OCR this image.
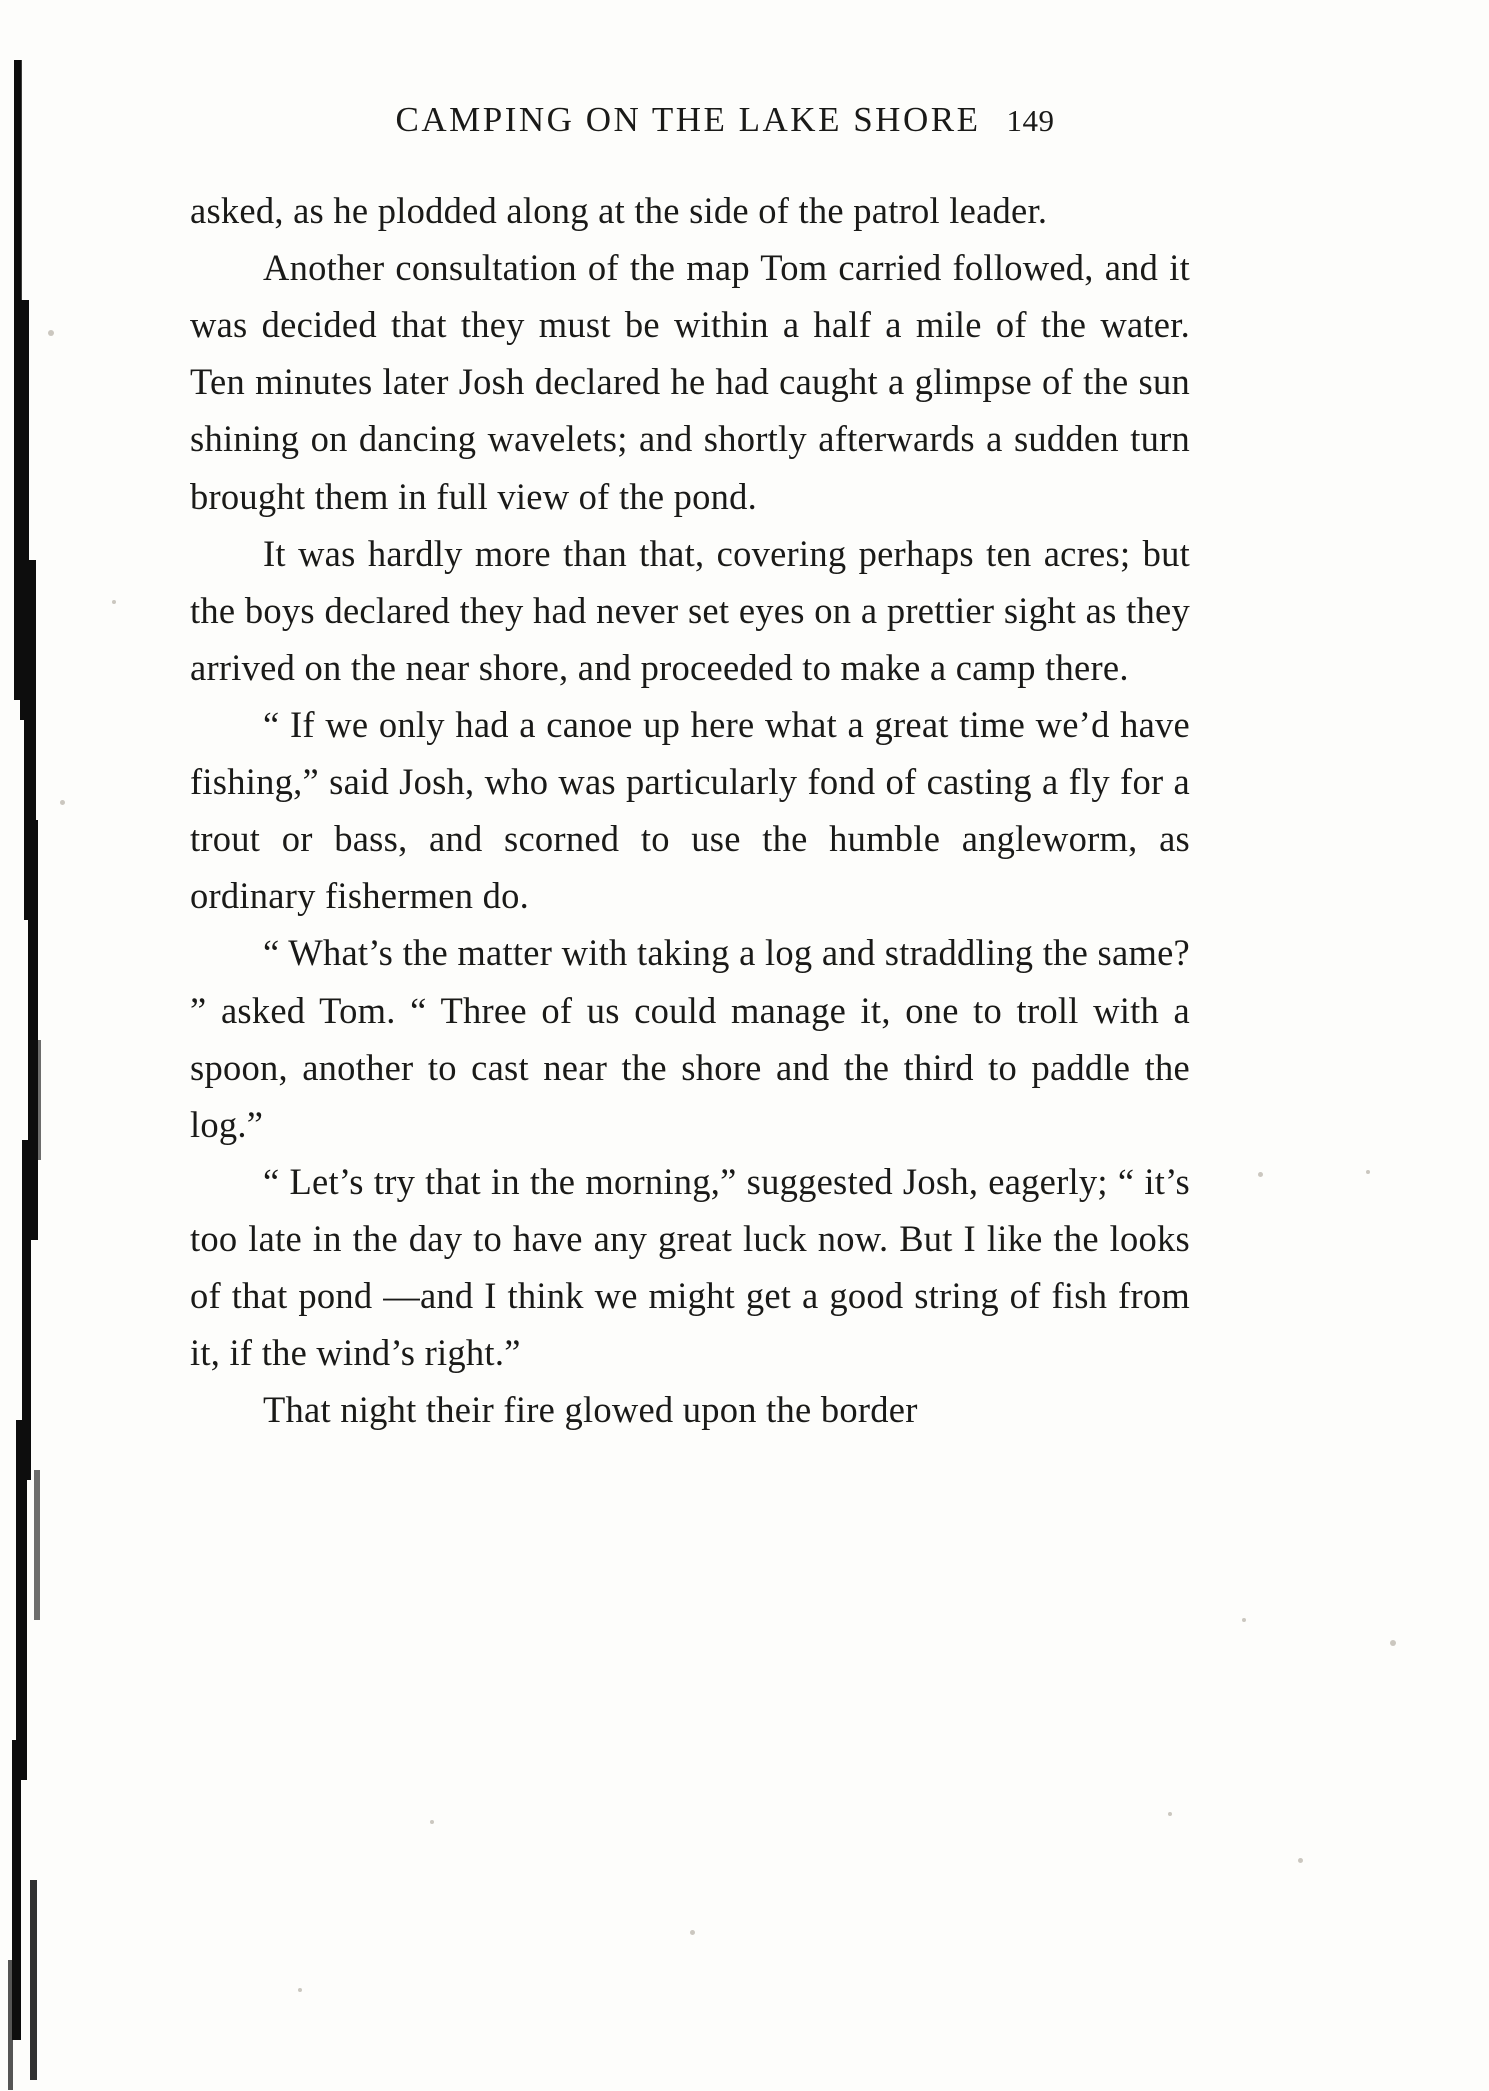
CAMPING ON THE LAKE SHORE 149

asked, as he plodded along at the side of the patrol leader.

Another consultation of the map Tom carried followed, and it was decided that they must be within a half a mile of the water. Ten minutes later Josh declared he had caught a glimpse of the sun shining on dancing wavelets; and shortly afterwards a sudden turn brought them in full view of the pond.

It was hardly more than that, covering perhaps ten acres; but the boys declared they had never set eyes on a prettier sight as they arrived on the near shore, and proceeded to make a camp there.

“ If we only had a canoe up here what a great time we’d have fishing,” said Josh, who was particularly fond of casting a fly for a trout or bass, and scorned to use the humble angleworm, as ordinary fishermen do.

“ What’s the matter with taking a log and straddling the same? ” asked Tom. “ Three of us could manage it, one to troll with a spoon, another to cast near the shore and the third to paddle the log.”

“ Let’s try that in the morning,” suggested Josh, eagerly; “ it’s too late in the day to have any great luck now. But I like the looks of that pond —and I think we might get a good string of fish from it, if the wind’s right.”

That night their fire glowed upon the border
